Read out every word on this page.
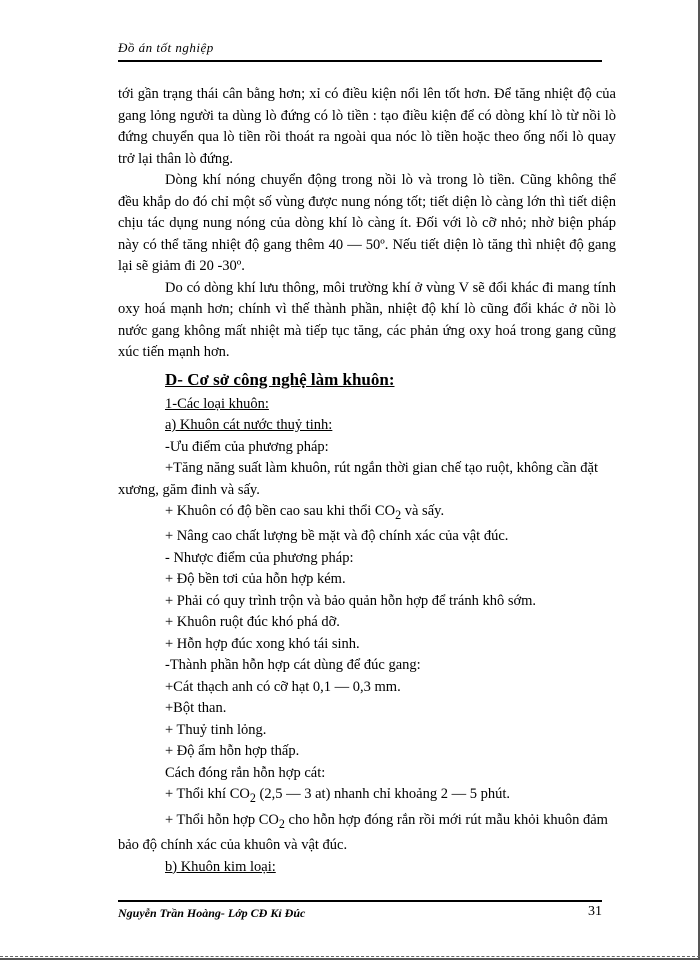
Đồ án tốt nghiệp

tới gần trạng thái cân bằng hơn; xỉ có điều kiện nổi lên tốt hơn. Để tăng nhiệt độ của gang lỏng người ta dùng lò đứng có lò tiền : tạo điều kiện để có dòng khí lò từ nồi lò đứng chuyển qua lò tiền rồi thoát ra ngoài qua nóc lò tiền hoặc theo ống nối lò quay trở lại thân lò đứng.

Dòng khí nóng chuyển động trong nồi lò và trong lò tiền. Cũng không thể đều khắp do đó chỉ một số vùng được nung nóng tốt; tiết diện lò càng lớn thì tiết diện chịu tác dụng nung nóng của dòng khí lò càng ít. Đối với lò cỡ nhỏ; nhờ biện pháp này có thể tăng nhiệt độ gang thêm 40 — 50º. Nếu tiết diện lò tăng thì nhiệt độ gang lại sẽ giảm đi 20 -30º.

Do có dòng khí lưu thông, môi trường khí ở vùng V sẽ đổi khác đi mang tính oxy hoá mạnh hơn; chính vì thế thành phần, nhiệt độ khí lò cũng đổi khác ở nồi lò nước gang không mất nhiệt mà tiếp tục tăng, các phản ứng oxy hoá trong gang cũng xúc tiến mạnh hơn.

D- Cơ sở công nghệ làm khuôn:
1-Các loại khuôn:
a) Khuôn cát nước thuỷ tinh:
-Ưu điểm của phương pháp:
+Tăng năng suất làm khuôn, rút ngắn thời gian chế tạo ruột, không cần đặt
xương, găm đinh và sấy.
+ Khuôn có độ bền cao sau khi thổi $CO_2$ và sấy.
+ Nâng cao chất lượng bề mặt và độ chính xác của vật đúc.
- Nhược điểm của phương pháp:
+ Độ bền tơi của hỗn hợp kém.
+ Phải có quy trình trộn và bảo quản hỗn hợp để tránh khô sớm.
+ Khuôn ruột đúc khó phá dỡ.
+ Hỗn hợp đúc xong khó tái sinh.
-Thành phần hỗn hợp cát dùng để đúc gang:
+Cát thạch anh có cỡ hạt 0,1 — 0,3 mm.
+Bột than.
+ Thuỷ tinh lỏng.
+ Độ ẩm hỗn hợp thấp.
Cách đóng rắn hỗn hợp cát:
+ Thổi khí $CO_2$ (2,5 — 3 at) nhanh chỉ khoảng 2 — 5 phút.
+ Thổi hỗn hợp $CO_2$ cho hỗn hợp đóng rắn rồi mới rút mẫu khỏi khuôn đảm
bảo độ chính xác của khuôn và vật đúc.
b) Khuôn kim loại:
Nguyễn Trần Hoàng- Lớp CĐ Kỉ Đúc	31
